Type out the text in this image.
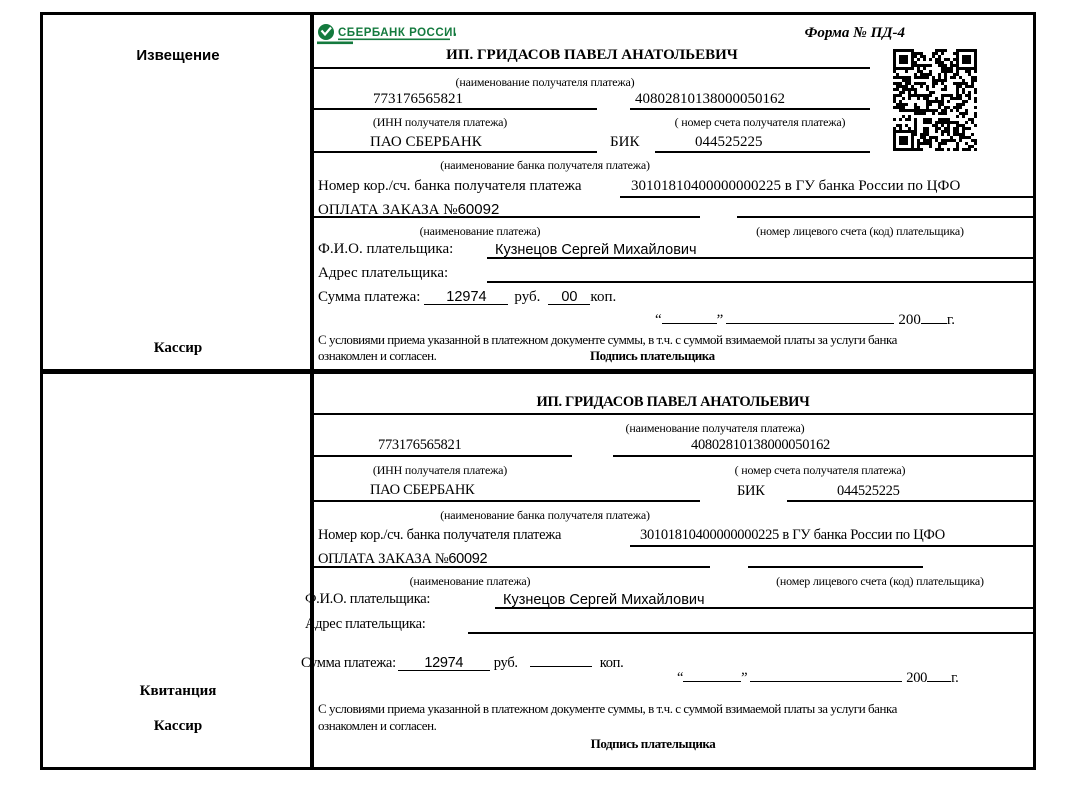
Извещение
Кассир
СБЕРБАНК РОССИИ	Форма № ПД-4
ИП. ГРИДАСОВ ПАВЕЛ АНАТОЛЬЕВИЧ
(наименование получателя платежа)
773176565821	40802810138000050162
(ИНН получателя платежа)	( номер счета получателя платежа)
ПАО СБЕРБАНК	БИК	044525225
(наименование банка получателя платежа)
Номер кор./сч. банка получателя платежа	30101810400000000225 в ГУ банка России по ЦФО
ОПЛАТА ЗАКАЗА №60092
(наименование платежа)	(номер лицевого счета (код) плательщика)
Ф.И.О. плательщика:	Кузнецов Сергей Михайлович
Адрес плательщика:
Сумма платежа:	12974	руб.	00 коп.
“	”	200 г.
С условиями приема указанной в платежном документе суммы, в т.ч. с суммой взимаемой платы за услуги банка
ознакомлен и согласен.	Подпись плательщика
Квитанция
Кассир
ИП. ГРИДАСОВ ПАВЕЛ АНАТОЛЬЕВИЧ
(наименование получателя платежа)
773176565821	40802810138000050162
(ИНН получателя платежа)	( номер счета получателя платежа)
ПАО СБЕРБАНК	БИК	044525225
(наименование банка получателя платежа)
Номер кор./сч. банка получателя платежа	30101810400000000225 в ГУ банка России по ЦФО
ОПЛАТА ЗАКАЗА №60092
(наименование платежа)	(номер лицевого счета (код) плательщика)
Ф.И.О. плательщика:	Кузнецов Сергей Михайлович
Адрес плательщика:
Сумма платежа:	12974	руб.	коп.
“	”	200 г.
С условиями приема указанной в платежном документе суммы, в т.ч. с суммой взимаемой платы за услуги банка
ознакомлен и согласен.
Подпись плательщика
